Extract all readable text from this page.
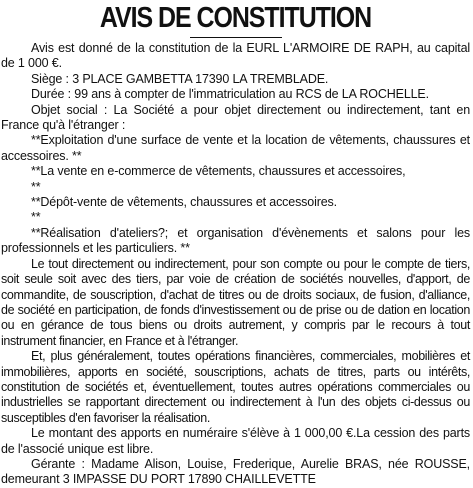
AVIS DE CONSTITUTION

Avis est donné de la constitution de la EURL L'ARMOIRE DE RAPH, au capital de 1 000 €.

Siège : 3 PLACE GAMBETTA 17390 LA TREMBLADE.

Durée : 99 ans à compter de l'immatriculation au RCS de LA ROCHELLE.

Objet social : La Société a pour objet directement ou indirectement, tant en France qu'à l'étranger :

**Exploitation d'une surface de vente et la location de vêtements, chaussures et accessoires. **

**La vente en e-commerce de vêtements, chaussures et accessoires,

**

**Dépôt-vente de vêtements, chaussures et accessoires.

**

**Réalisation d'ateliers?; et organisation d'évènements et salons pour les professionnels et les particuliers. **

Le tout directement ou indirectement, pour son compte ou pour le compte de tiers, soit seule soit avec des tiers, par voie de création de sociétés nouvelles, d'apport, de commandite, de souscription, d'achat de titres ou de droits sociaux, de fusion, d'alliance, de société en participation, de fonds d'investissement ou de prise ou de dation en location ou en gérance de tous biens ou droits autrement, y compris par le recours à tout instrument financier, en France et à l'étranger.

Et, plus généralement, toutes opérations financières, commerciales, mobilières et immobilières, apports en société, souscriptions, achats de titres, parts ou intérêts, constitution de sociétés et, éventuellement, toutes autres opérations commerciales ou industrielles se rapportant directement ou indirectement à l'un des objets ci-dessus ou susceptibles d'en favoriser la réalisation.

Le montant des apports en numéraire s'élève à 1 000,00 €.La cession des parts de l'associé unique est libre.

Gérante : Madame Alison, Louise, Frederique, Aurelie BRAS, née ROUSSE, demeurant 3 IMPASSE DU PORT 17890 CHAILLEVETTE
